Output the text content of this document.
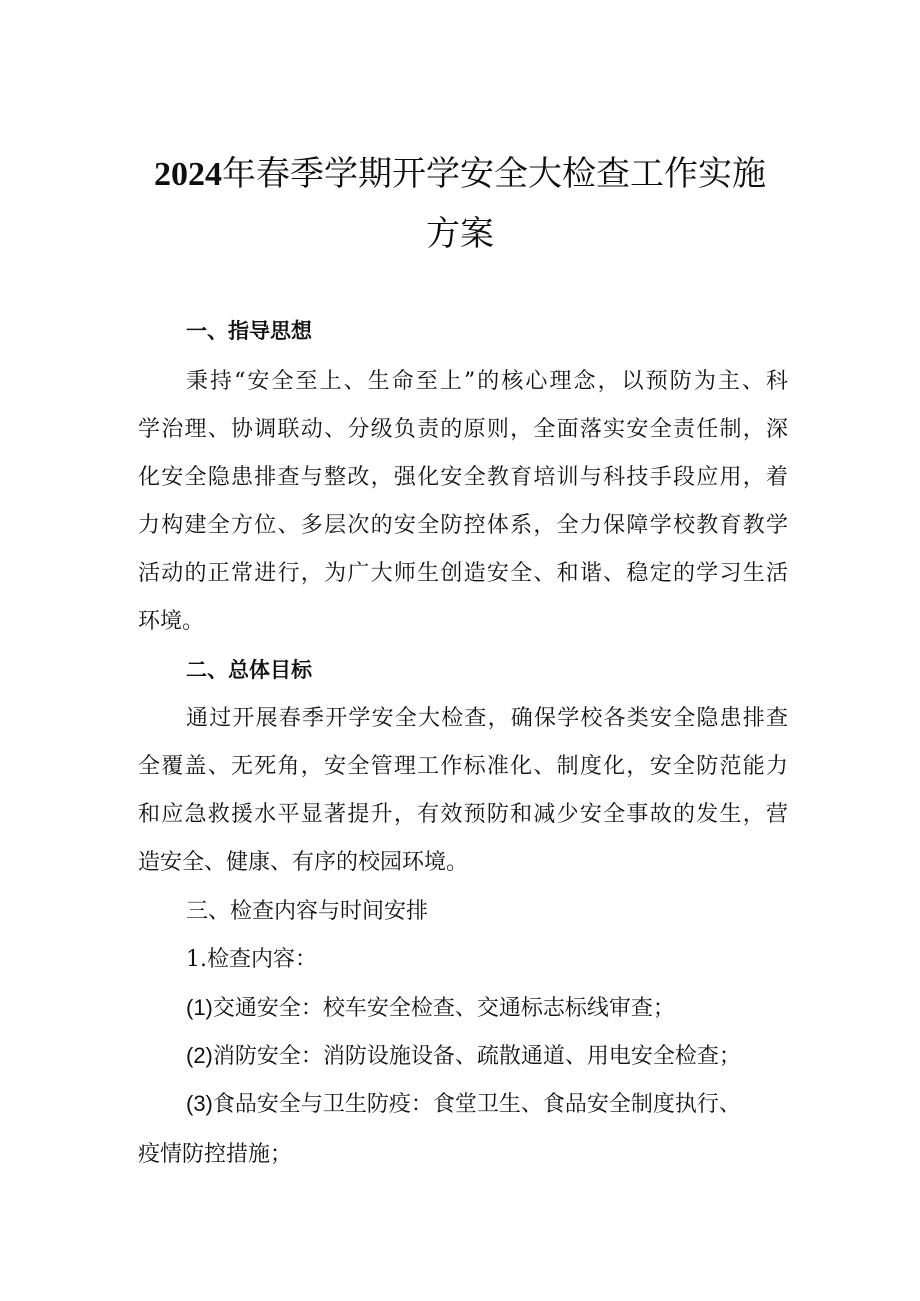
2024年春季学期开学安全大检查工作实施
方案
一、指导思想
秉持“安全至上、生命至上”的核心理念，以预防为主、科
学治理、协调联动、分级负责的原则，全面落实安全责任制，深
化安全隐患排查与整改，强化安全教育培训与科技手段应用，着
力构建全方位、多层次的安全防控体系，全力保障学校教育教学
活动的正常进行，为广大师生创造安全、和谐、稳定的学习生活
环境。
二、总体目标
通过开展春季开学安全大检查，确保学校各类安全隐患排查
全覆盖、无死角，安全管理工作标准化、制度化，安全防范能力
和应急救援水平显著提升，有效预防和减少安全事故的发生，营
造安全、健康、有序的校园环境。
三、检查内容与时间安排
1.检查内容：
(1)交通安全：校车安全检查、交通标志标线审查；
(2)消防安全：消防设施设备、疏散通道、用电安全检查；
(3)食品安全与卫生防疫：食堂卫生、食品安全制度执行、
疫情防控措施；
